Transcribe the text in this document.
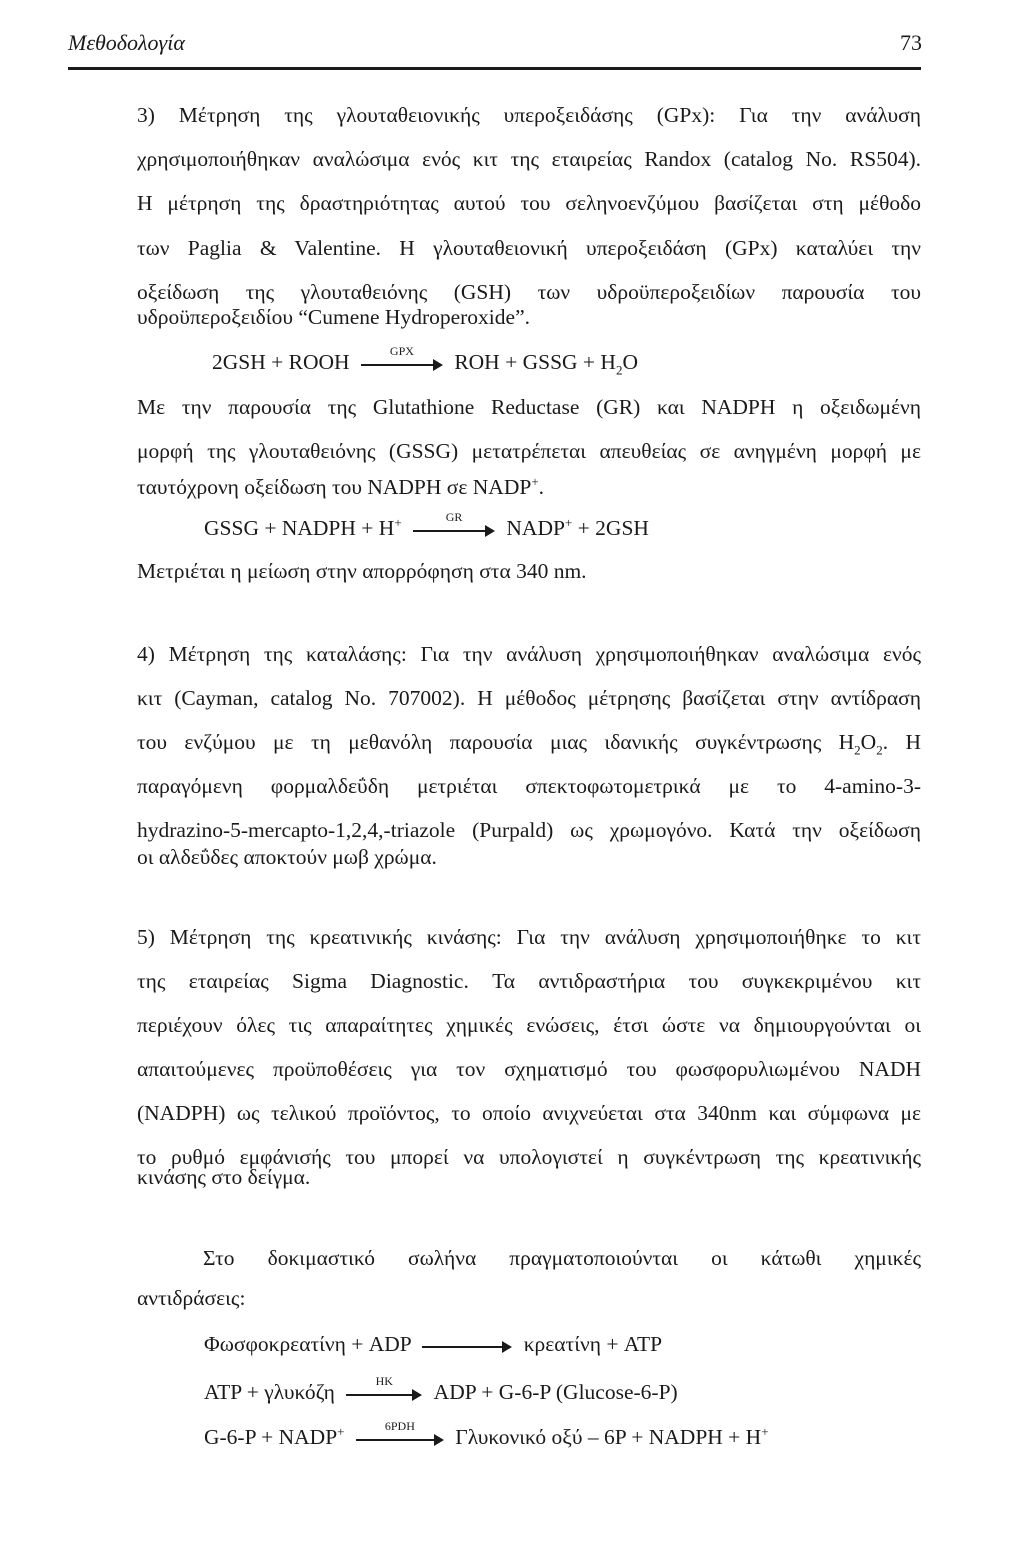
Μεθοδολογία	73
3) Μέτρηση της γλουταθειονικής υπεροξειδάσης (GPx): Για την ανάλυση
χρησιμοποιήθηκαν αναλώσιμα ενός κιτ της εταιρείας Randox (catalog No. RS504).
Η μέτρηση της δραστηριότητας αυτού του σεληνοενζύμου βασίζεται στη μέθοδο
των Paglia & Valentine. Η γλουταθειονική υπεροξειδάση (GPx) καταλύει την
οξείδωση της γλουταθειόνης (GSH) των υδροϋπεροξειδίων παρουσία του
υδροϋπεροξειδίου “Cumene Hydroperoxide”.
2GSH + ROOH	GPX	ROH + GSSG + $H_2O$
Με την παρουσία της Glutathione Reductase (GR) και NADPH η οξειδωμένη
μορφή της γλουταθειόνης (GSSG) μετατρέπεται απευθείας σε ανηγμένη μορφή με
ταυτόχρονη οξείδωση του NADPH σε NADP+.
GSSG + NADPH + H+	GR	NADP+ + 2GSH
Μετριέται η μείωση στην απορρόφηση στα 340 nm.
4) Μέτρηση της καταλάσης: Για την ανάλυση χρησιμοποιήθηκαν αναλώσιμα ενός
κιτ (Cayman, catalog No. 707002). Η μέθοδος μέτρησης βασίζεται στην αντίδραση
του ενζύμου με τη μεθανόλη παρουσία μιας ιδανικής συγκέντρωσης $H_2O_2$. Η
παραγόμενη φορμαλδεΰδη μετριέται σπεκτοφωτομετρικά με το 4-amino-3-
hydrazino-5-mercapto-1,2,4,-triazole (Purpald) ως χρωμογόνο. Κατά την οξείδωση
οι αλδεΰδες αποκτούν μωβ χρώμα.
5) Μέτρηση της κρεατινικής κινάσης: Για την ανάλυση χρησιμοποιήθηκε το κιτ
της εταιρείας Sigma Diagnostic. Τα αντιδραστήρια του συγκεκριμένου κιτ
περιέχουν όλες τις απαραίτητες χημικές ενώσεις, έτσι ώστε να δημιουργούνται οι
απαιτούμενες προϋποθέσεις για τον σχηματισμό του φωσφορυλιωμένου NADH
(NADPH) ως τελικού προϊόντος, το οποίο ανιχνεύεται στα 340nm και σύμφωνα με
το ρυθμό εμφάνισής του μπορεί να υπολογιστεί η συγκέντρωση της κρεατινικής
κινάσης στο δείγμα.
Στο δοκιμαστικό σωλήνα πραγματοποιούνται οι κάτωθι χημικές
αντιδράσεις:
Φωσφοκρεατίνη + ADP	κρεατίνη + ATP
ATP + γλυκόζη	HK	ADP + G-6-P (Glucose-6-P)
G-6-P + NADP+	6PDH	Γλυκονικό οξύ – 6P + NADPH + H+
